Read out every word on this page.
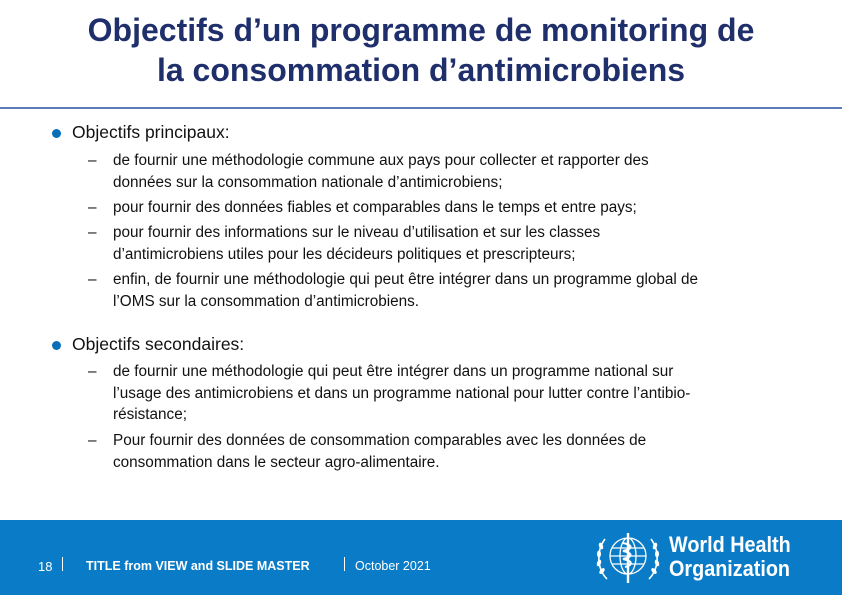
Objectifs d’un programme de monitoring de
la consommation d’antimicrobiens
Objectifs principaux:
– de fournir une méthodologie commune aux pays pour collecter et rapporter des
données sur la consommation nationale d’antimicrobiens;
– pour fournir des données fiables et comparables dans le temps et entre pays;
– pour fournir des informations sur le niveau d’utilisation et sur les classes
d’antimicrobiens utiles pour les décideurs politiques et prescripteurs;
– enfin, de fournir une méthodologie qui peut être intégrer dans un programme global de
l’OMS sur la consommation d’antimicrobiens.
Objectifs secondaires:
– de fournir une méthodologie qui peut être intégrer dans un programme national sur
l’usage des antimicrobiens et dans un programme national pour lutter contre l’antibio-
résistance;
– Pour fournir des données de consommation comparables avec les données de
consommation dans le secteur agro-alimentaire.
18	TITLE from VIEW and SLIDE MASTER	October 2021
World Health
Organization
